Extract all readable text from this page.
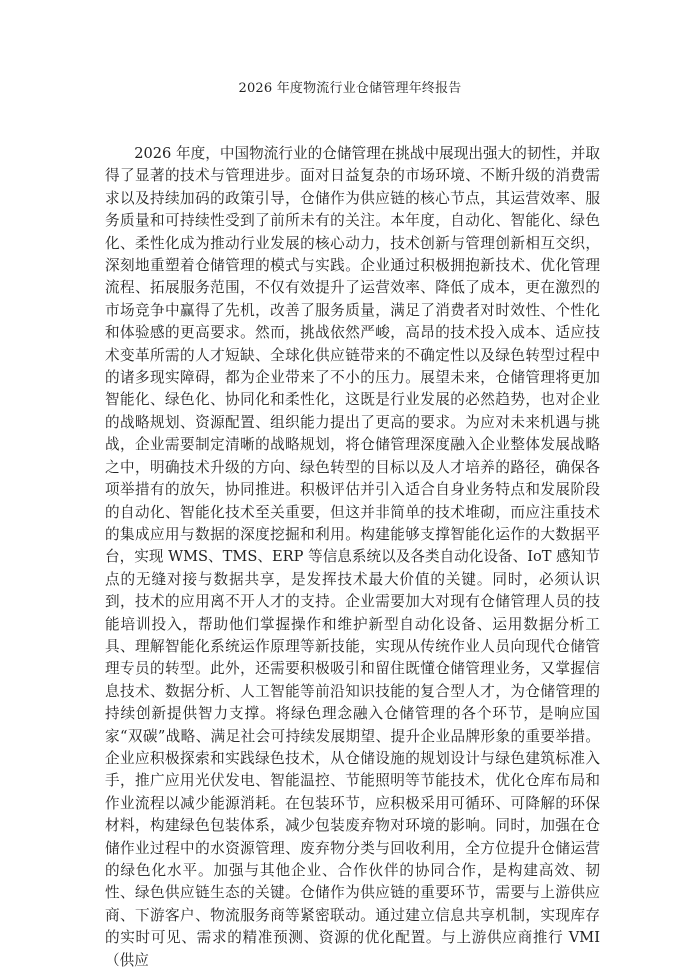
2026 年度物流行业仓储管理年终报告

2026 年度，中国物流行业的仓储管理在挑战中展现出强大的韧性，并取得了显著的技术与管理进步。面对日益复杂的市场环境、不断升级的消费需求以及持续加码的政策引导，仓储作为供应链的核心节点，其运营效率、服务质量和可持续性受到了前所未有的关注。本年度，自动化、智能化、绿色化、柔性化成为推动行业发展的核心动力，技术创新与管理创新相互交织，深刻地重塑着仓储管理的模式与实践。企业通过积极拥抱新技术、优化管理流程、拓展服务范围，不仅有效提升了运营效率、降低了成本，更在激烈的市场竞争中赢得了先机，改善了服务质量，满足了消费者对时效性、个性化和体验感的更高要求。然而，挑战依然严峻，高昂的技术投入成本、适应技术变革所需的人才短缺、全球化供应链带来的不确定性以及绿色转型过程中的诸多现实障碍，都为企业带来了不小的压力。展望未来，仓储管理将更加智能化、绿色化、协同化和柔性化，这既是行业发展的必然趋势，也对企业的战略规划、资源配置、组织能力提出了更高的要求。为应对未来机遇与挑战，企业需要制定清晰的战略规划，将仓储管理深度融入企业整体发展战略之中，明确技术升级的方向、绿色转型的目标以及人才培养的路径，确保各项举措有的放矢，协同推进。积极评估并引入适合自身业务特点和发展阶段的自动化、智能化技术至关重要，但这并非简单的技术堆砌，而应注重技术的集成应用与数据的深度挖掘和利用。构建能够支撑智能化运作的大数据平台，实现 WMS、TMS、ERP 等信息系统以及各类自动化设备、IoT 感知节点的无缝对接与数据共享，是发挥技术最大价值的关键。同时，必须认识到，技术的应用离不开人才的支持。企业需要加大对现有仓储管理人员的技能培训投入，帮助他们掌握操作和维护新型自动化设备、运用数据分析工具、理解智能化系统运作原理等新技能，实现从传统作业人员向现代仓储管理专员的转型。此外，还需要积极吸引和留住既懂仓储管理业务，又掌握信息技术、数据分析、人工智能等前沿知识技能的复合型人才，为仓储管理的持续创新提供智力支撑。将绿色理念融入仓储管理的各个环节，是响应国家“双碳”战略、满足社会可持续发展期望、提升企业品牌形象的重要举措。企业应积极探索和实践绿色技术，从仓储设施的规划设计与绿色建筑标准入手，推广应用光伏发电、智能温控、节能照明等节能技术，优化仓库布局和作业流程以减少能源消耗。在包装环节，应积极采用可循环、可降解的环保材料，构建绿色包装体系，减少包装废弃物对环境的影响。同时，加强在仓储作业过程中的水资源管理、废弃物分类与回收利用，全方位提升仓储运营的绿色化水平。加强与其他企业、合作伙伴的协同合作，是构建高效、韧性、绿色供应链生态的关键。仓储作为供应链的重要环节，需要与上游供应商、下游客户、物流服务商等紧密联动。通过建立信息共享机制，实现库存的实时可见、需求的精准预测、资源的优化配置。与上游供应商推行 VMI（供应
